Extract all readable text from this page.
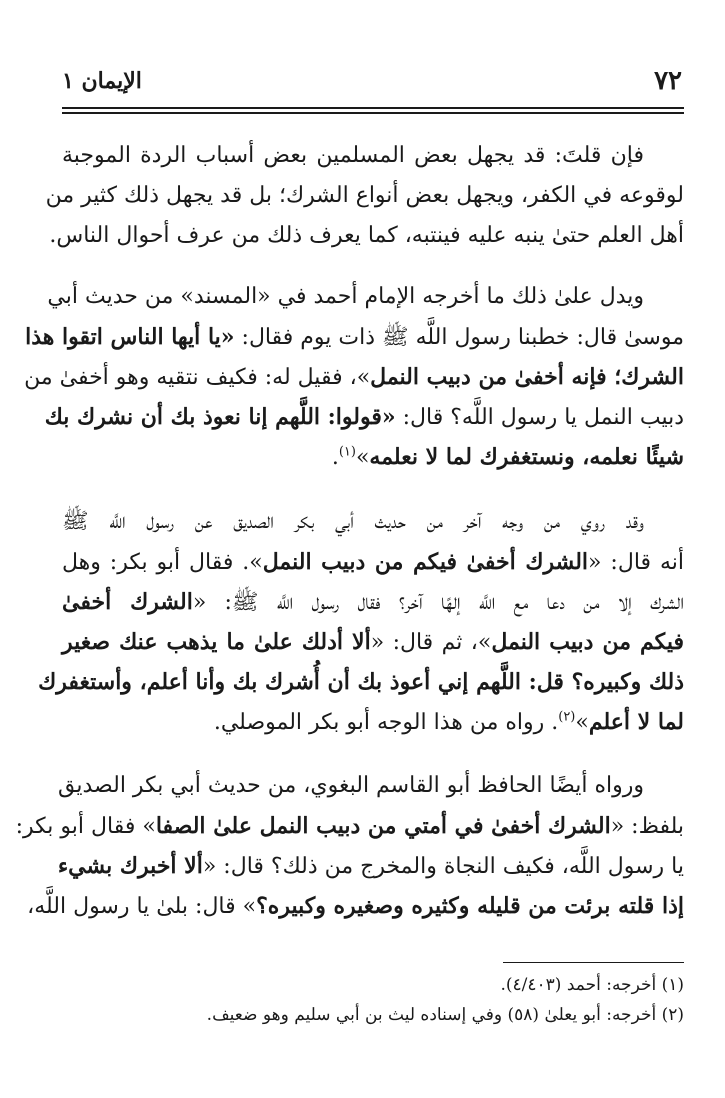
٧٢
الإيمان ١
فإن قلتَ: قد يجهل بعض المسلمين بعض أسباب الردة الموجبة
لوقوعه في الكفر، ويجهل بعض أنواع الشرك؛ بل قد يجهل ذلك كثير من
أهل العلم حتىٰ ينبه عليه فينتبه، كما يعرف ذلك من عرف أحوال الناس.
ويدل علىٰ ذلك ما أخرجه الإمام أحمد في «المسند» من حديث أبي
موسىٰ قال: خطبنا رسول اللَّه ﷺ ذات يوم فقال: «يا أيها الناس اتقوا هذا
الشرك؛ فإنه أخفىٰ من دبيب النمل»، فقيل له: فكيف نتقيه وهو أخفىٰ من
دبيب النمل يا رسول اللَّه؟ قال: «قولوا: اللَّهم إنا نعوذ بك أن نشرك بك
شيئًا نعلمه، ونستغفرك لما لا نعلمه»$^{(١)}$.
وقد روي من وجه آخر من حديث أبي بكر الصديق عن رسول اللَّه ﷺ
أنه قال: «الشرك أخفىٰ فيكم من دبيب النمل». فقال أبو بكر: وهل
الشرك إلا من دعا مع اللَّه إلهًا آخر؟ فقال رسول اللَّه ﷺ: «الشرك أخفىٰ
فيكم من دبيب النمل»، ثم قال: «ألا أدلك علىٰ ما يذهب عنك صغير
ذلك وكبيره؟ قل: اللَّهم إني أعوذ بك أن أُشرك بك وأنا أعلم، وأستغفرك
لما لا أعلم»$^{(٢)}$. رواه من هذا الوجه أبو بكر الموصلي.
ورواه أيضًا الحافظ أبو القاسم البغوي، من حديث أبي بكر الصديق
بلفظ: «الشرك أخفىٰ في أمتي من دبيب النمل علىٰ الصفا» فقال أبو بكر:
يا رسول اللَّه، فكيف النجاة والمخرج من ذلك؟ قال: «ألا أخبرك بشيء
إذا قلته برئت من قليله وكثيره وصغيره وكبيره؟» قال: بلىٰ يا رسول اللَّه،
(١) أخرجه: أحمد (٤/٤٠٣).
(٢) أخرجه: أبو يعلىٰ (٥٨) وفي إسناده ليث بن أبي سليم وهو ضعيف.
